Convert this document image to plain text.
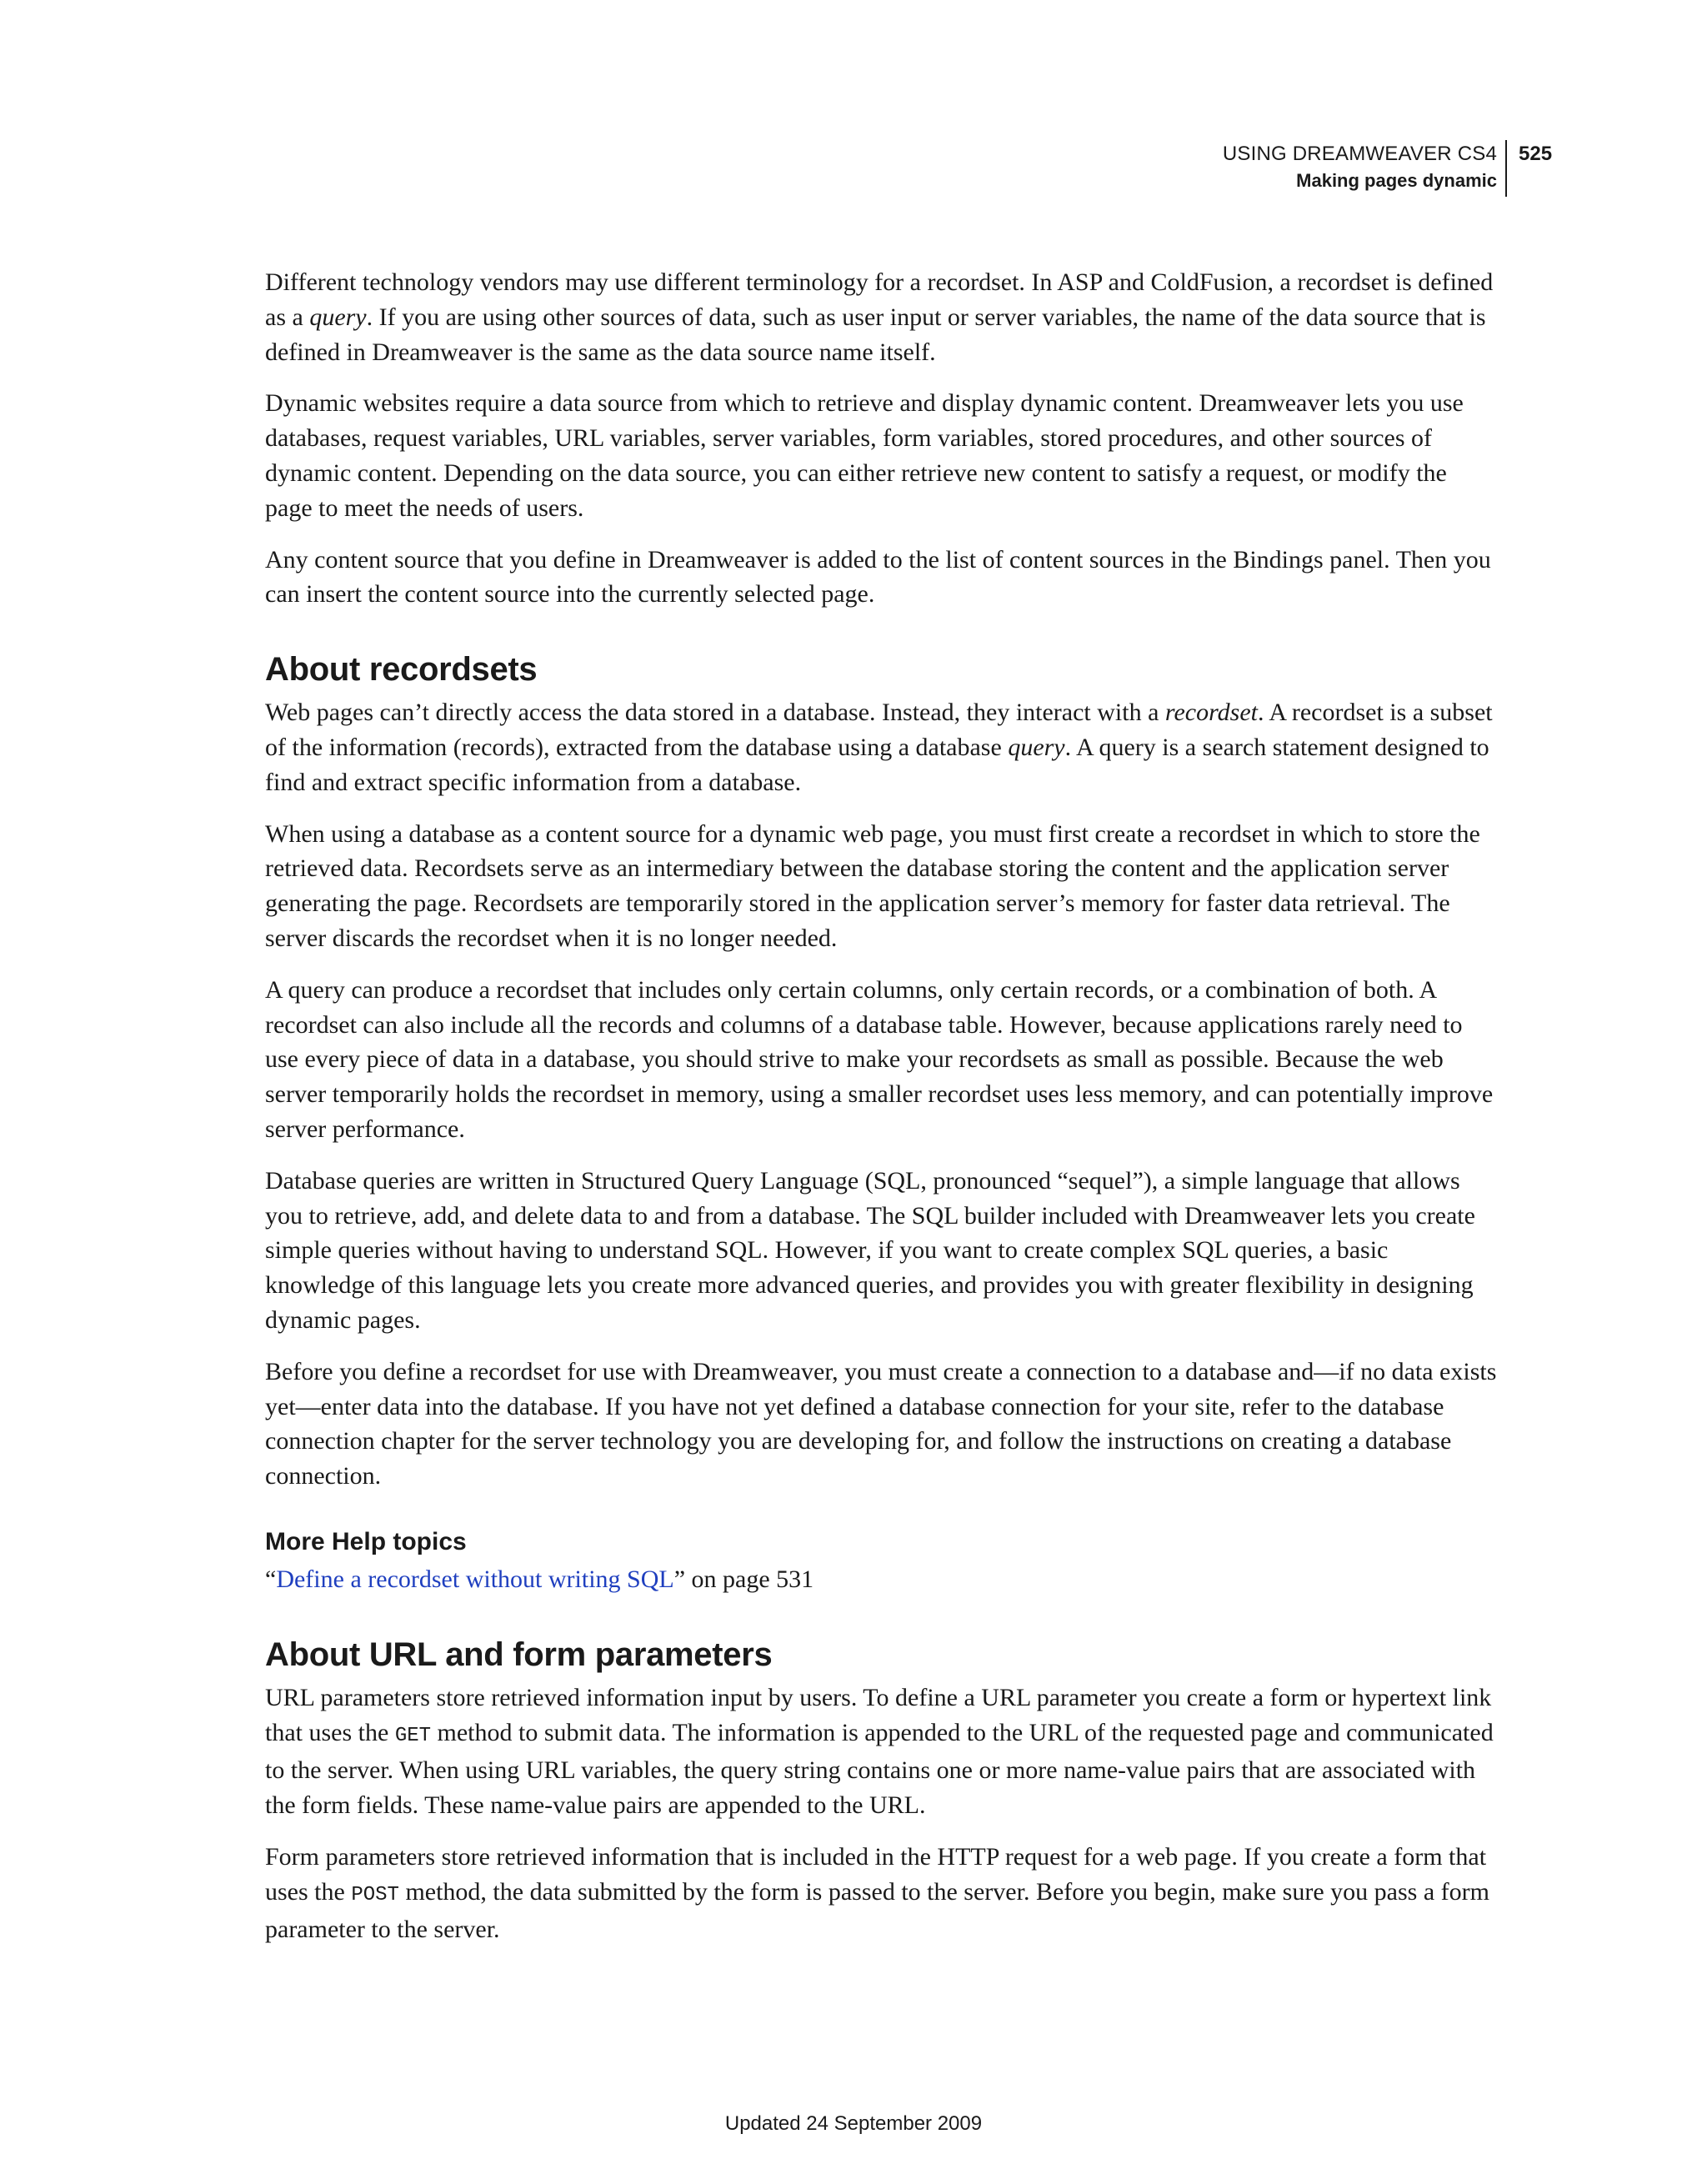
USING DREAMWEAVER CS4
Making pages dynamic
525

Different technology vendors may use different terminology for a recordset. In ASP and ColdFusion, a recordset is defined as a query. If you are using other sources of data, such as user input or server variables, the name of the data source that is defined in Dreamweaver is the same as the data source name itself.

Dynamic websites require a data source from which to retrieve and display dynamic content. Dreamweaver lets you use databases, request variables, URL variables, server variables, form variables, stored procedures, and other sources of dynamic content. Depending on the data source, you can either retrieve new content to satisfy a request, or modify the page to meet the needs of users.

Any content source that you define in Dreamweaver is added to the list of content sources in the Bindings panel. Then you can insert the content source into the currently selected page.

About recordsets

Web pages can’t directly access the data stored in a database. Instead, they interact with a recordset. A recordset is a subset of the information (records), extracted from the database using a database query. A query is a search statement designed to find and extract specific information from a database.

When using a database as a content source for a dynamic web page, you must first create a recordset in which to store the retrieved data. Recordsets serve as an intermediary between the database storing the content and the application server generating the page. Recordsets are temporarily stored in the application server’s memory for faster data retrieval. The server discards the recordset when it is no longer needed.

A query can produce a recordset that includes only certain columns, only certain records, or a combination of both. A recordset can also include all the records and columns of a database table. However, because applications rarely need to use every piece of data in a database, you should strive to make your recordsets as small as possible. Because the web server temporarily holds the recordset in memory, using a smaller recordset uses less memory, and can potentially improve server performance.

Database queries are written in Structured Query Language (SQL, pronounced “sequel”), a simple language that allows you to retrieve, add, and delete data to and from a database. The SQL builder included with Dreamweaver lets you create simple queries without having to understand SQL. However, if you want to create complex SQL queries, a basic knowledge of this language lets you create more advanced queries, and provides you with greater flexibility in designing dynamic pages.

Before you define a recordset for use with Dreamweaver, you must create a connection to a database and—if no data exists yet—enter data into the database. If you have not yet defined a database connection for your site, refer to the database connection chapter for the server technology you are developing for, and follow the instructions on creating a database connection.

More Help topics

“Define a recordset without writing SQL” on page 531

About URL and form parameters

URL parameters store retrieved information input by users. To define a URL parameter you create a form or hypertext link that uses the GET method to submit data. The information is appended to the URL of the requested page and communicated to the server. When using URL variables, the query string contains one or more name-value pairs that are associated with the form fields. These name-value pairs are appended to the URL.

Form parameters store retrieved information that is included in the HTTP request for a web page. If you create a form that uses the POST method, the data submitted by the form is passed to the server. Before you begin, make sure you pass a form parameter to the server.

Updated 24 September 2009
